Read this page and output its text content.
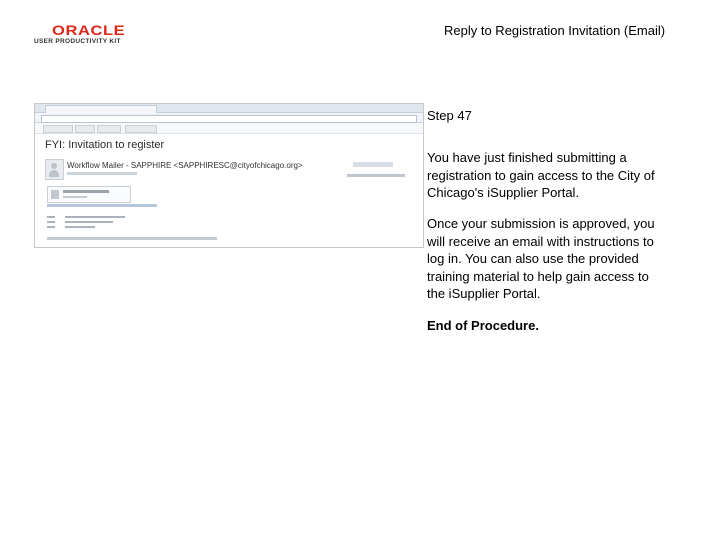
ORACLE
USER PRODUCTIVITY KIT
Reply to Registration Invitation (Email)
FYI: Invitation to register
Workflow Mailer - SAPPHIRE <SAPPHIRESC@cityofchicago.org>
Step 47
You have just finished submitting a
registration to gain access to the City of
Chicago's iSupplier Portal.
Once your submission is approved, you
will receive an email with instructions to
log in. You can also use the provided
training material to help gain access to
the iSupplier Portal.
End of Procedure.
